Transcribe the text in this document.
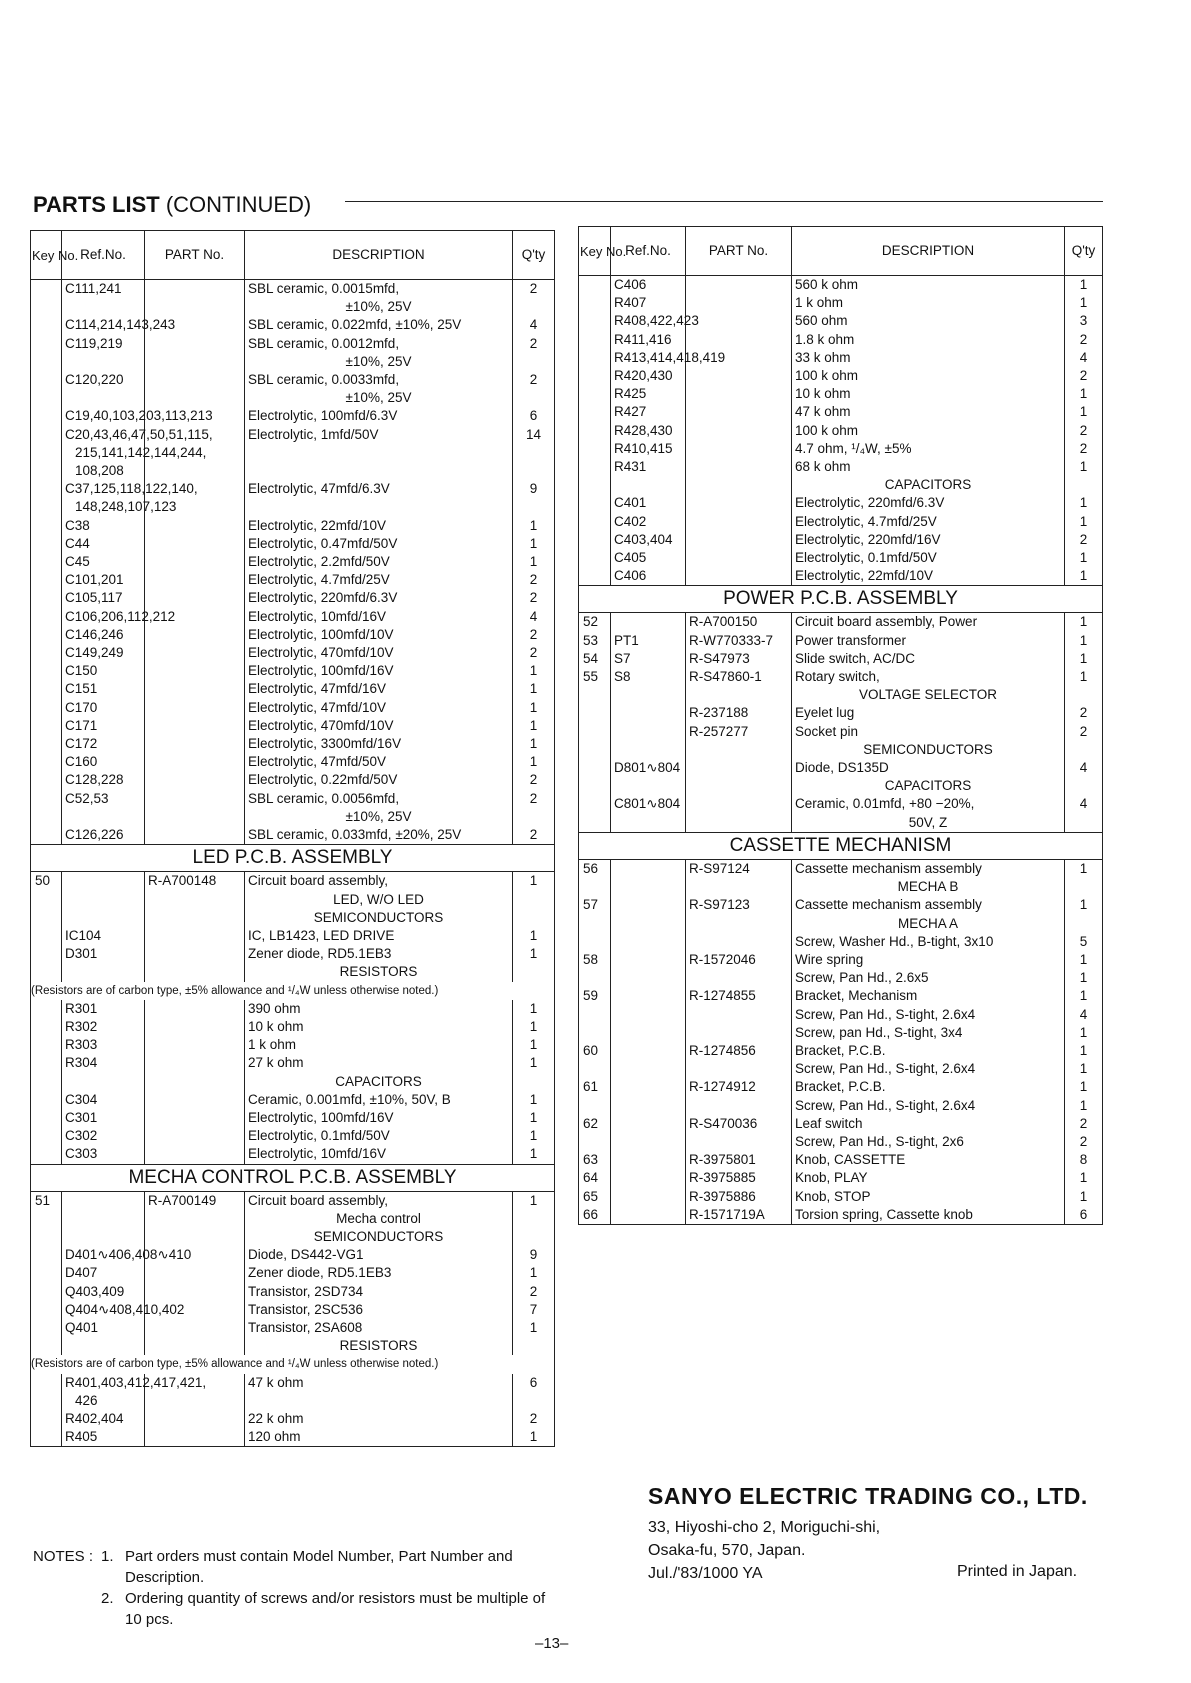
PARTS LIST (CONTINUED)
Key No.	Ref.No.	PART No.	DESCRIPTION	Q'ty
	C111,241		SBL ceramic, 0.0015mfd,
±10%, 25V	2
	C114,214,143,243		SBL ceramic, 0.022mfd, ±10%, 25V	4
	C119,219		SBL ceramic, 0.0012mfd,
±10%, 25V	2
	C120,220		SBL ceramic, 0.0033mfd,
±10%, 25V	2
	C19,40,103,203,113,213		Electrolytic, 100mfd/6.3V	6

	C20,43,46,47,50,51,115,
215,141,142,144,244,
108,208		Electrolytic, 1mfd/50V	14

	C37,125,118,122,140,
148,248,107,123		Electrolytic, 47mfd/6.3V	9
	C38		Electrolytic, 22mfd/10V	1
	C44		Electrolytic, 0.47mfd/50V	1
	C45		Electrolytic, 2.2mfd/50V	1
	C101,201		Electrolytic, 4.7mfd/25V	2
	C105,117		Electrolytic, 220mfd/6.3V	2
	C106,206,112,212		Electrolytic, 10mfd/16V	4
	C146,246		Electrolytic, 100mfd/10V	2
	C149,249		Electrolytic, 470mfd/10V	2
	C150		Electrolytic, 100mfd/16V	1
	C151		Electrolytic, 47mfd/16V	1
	C170		Electrolytic, 47mfd/10V	1
	C171		Electrolytic, 470mfd/10V	1
	C172		Electrolytic, 3300mfd/16V	1
	C160		Electrolytic, 47mfd/50V	1
	C128,228		Electrolytic, 0.22mfd/50V	2
	C52,53		SBL ceramic, 0.0056mfd,
±10%, 25V	2
	C126,226		SBL ceramic, 0.033mfd, ±20%, 25V	2
LED P.C.B. ASSEMBLY				
50		R-A700148	Circuit board assembly,
LED, W/O LED	1

			SEMICONDUCTORS	

	IC104		IC, LB1423, LED DRIVE	1
	D301		Zener diode, RD5.1EB3	1

			RESISTORS	

(Resistors are of carbon type, ±5% allowance and ¹/₄W unless otherwise noted.)				
	R301		390 ohm	1
	R302		10 k ohm	1
	R303		1 k ohm	1
	R304		27 k ohm	1

			CAPACITORS	

	C304		Ceramic, 0.001mfd, ±10%, 50V, B	1
	C301		Electrolytic, 100mfd/16V	1
	C302		Electrolytic, 0.1mfd/50V	1
	C303		Electrolytic, 10mfd/16V	1
MECHA CONTROL P.C.B. ASSEMBLY				
51		R-A700149	Circuit board assembly,
Mecha control	1

			SEMICONDUCTORS	

	D401∿406,408∿410		Diode, DS442-VG1	9
	D407		Zener diode, RD5.1EB3	1
	Q403,409		Transistor, 2SD734	2
	Q404∿408,410,402		Transistor, 2SC536	7
	Q401		Transistor, 2SA608	1

			RESISTORS	

(Resistors are of carbon type, ±5% allowance and ¹/₄W unless otherwise noted.)				

	R401,403,412,417,421,
426		47 k ohm	6
	R402,404		22 k ohm	2
	R405		120 ohm	1
Key No.	Ref.No.	PART No.	DESCRIPTION	Q'ty
	C406		560 k ohm	1
	R407		1 k ohm	1
	R408,422,423		560 ohm	3
	R411,416		1.8 k ohm	2
	R413,414,418,419		33 k ohm	4
	R420,430		100 k ohm	2
	R425		10 k ohm	1
	R427		47 k ohm	1
	R428,430		100 k ohm	2
	R410,415		4.7 ohm, ¹/₄W, ±5%	2
	R431		68 k ohm	1

			CAPACITORS	

	C401		Electrolytic, 220mfd/6.3V	1
	C402		Electrolytic, 4.7mfd/25V	1
	C403,404		Electrolytic, 220mfd/16V	2
	C405		Electrolytic, 0.1mfd/50V	1
	C406		Electrolytic, 22mfd/10V	1
POWER P.C.B. ASSEMBLY				
52		R-A700150	Circuit board assembly, Power	1
53	PT1	R-W770333-7	Power transformer	1
54	S7	R-S47973	Slide switch, AC/DC	1
55	S8	R-S47860-1	Rotary switch,
VOLTAGE SELECTOR	1
		R-237188	Eyelet lug	2
		R-257277	Socket pin	2

			SEMICONDUCTORS	

	D801∿804		Diode, DS135D	4

			CAPACITORS	

	C801∿804		Ceramic, 0.01mfd, +80 −20%,
50V, Z	4
CASSETTE MECHANISM				
56		R-S97124	Cassette mechanism assembly
MECHA B	1
57		R-S97123	Cassette mechanism assembly
MECHA A	1
			Screw, Washer Hd., B-tight, 3x10	5
58		R-1572046	Wire spring	1
			Screw, Pan Hd., 2.6x5	1
59		R-1274855	Bracket, Mechanism	1
			Screw, Pan Hd., S-tight, 2.6x4	4
			Screw, pan Hd., S-tight, 3x4	1
60		R-1274856	Bracket, P.C.B.	1
			Screw, Pan Hd., S-tight, 2.6x4	1
61		R-1274912	Bracket, P.C.B.	1
			Screw, Pan Hd., S-tight, 2.6x4	1
62		R-S470036	Leaf switch	2
			Screw, Pan Hd., S-tight, 2x6	2
63		R-3975801	Knob, CASSETTE	8
64		R-3975885	Knob, PLAY	1
65		R-3975886	Knob, STOP	1
66		R-1571719A	Torsion spring, Cassette knob	6
NOTES : 1. Part orders must contain Model Number, Part Number and Description.
2. Ordering quantity of screws and/or resistors must be multiple of 10 pcs.
–13–
SANYO ELECTRIC TRADING CO., LTD.
33, Hiyoshi-cho 2, Moriguchi-shi,
Osaka-fu, 570, Japan.
Jul./'83/1000 YA	Printed in Japan.
